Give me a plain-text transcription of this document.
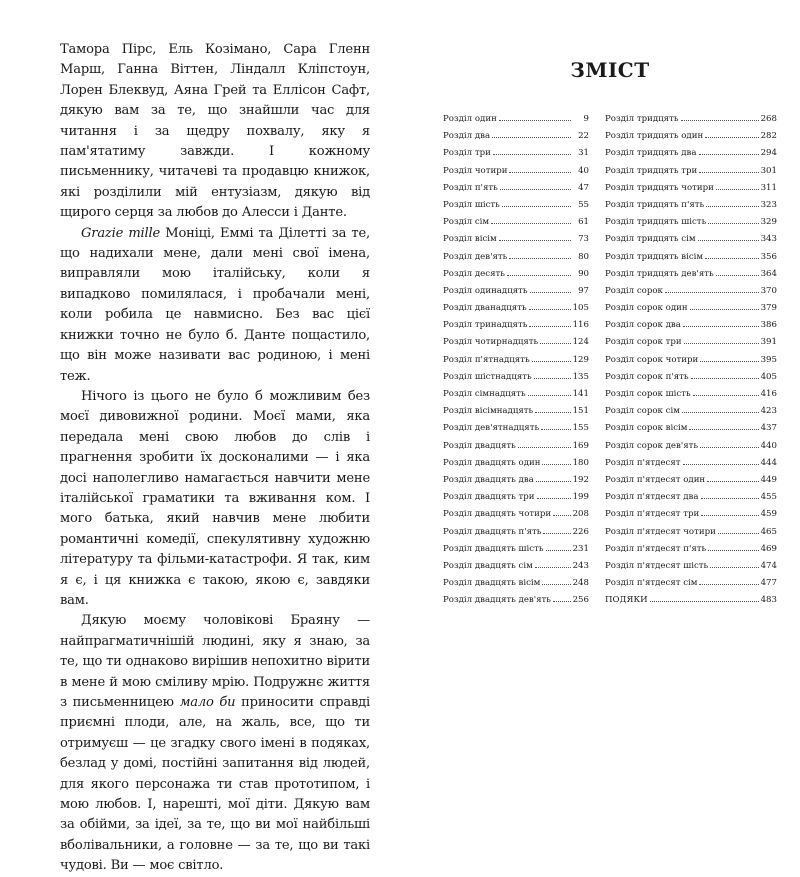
Тамора Пірс, Ель Козімано, Сара Гленн Марш, Ганна Віттен, Ліндалл Кліпстоун, Лорен Блеквуд, Аяна Грей та Еллісон Сафт, дякую вам за те, що знайшли час для читання і за щедру похвалу, яку я пам'ятатиму завжди. І кожному письменнику, читачеві та продавцю книжок, які розділили мій ентузіазм, дякую від щирого серця за любов до Алесси і Данте.

Grazie mille Моніці, Еммі та Ділетті за те, що надихали мене, дали мені свої імена, виправляли мою італійську, коли я випадково помилялася, і пробачали мені, коли робила це навмисно. Без вас цієї книжки точно не було б. Данте пощастило, що він може називати вас родиною, і мені теж.

Нічого із цього не було б можливим без моєї дивовижної родини. Моєї мами, яка передала мені свою любов до слів і прагнення зробити їх досконалими — і яка досі наполегливо намагається навчити мене італійської граматики та вживання ком. І мого батька, який навчив мене любити романтичні комедії, спекулятивну художню літературу та фільми-катастрофи. Я так, ким я є, і ця книжка є такою, якою є, завдяки вам.

Дякую моєму чоловікові Браяну — найпрагматичнішій людині, яку я знаю, за те, що ти однаково вирішив непохитно вірити в мене й мою сміливу мрію. Подружнє життя з письменницею мало би приносити справді приємні плоди, але, на жаль, все, що ти отримуєш — це згадку свого імені в подяках, безлад у домі, постійні запитання від людей, для якого персонажа ти став прототипом, і мою любов. І, нарешті, мої діти. Дякую вам за обійми, за ідеї, за те, що ви мої найбільші вболівальники, а головне — за те, що ви такі чудові. Ви — моє світло.

ЗМІСТ
Розділ один	9
Розділ два	22
Розділ три	31
Розділ чотири	40
Розділ п'ять	47
Розділ шість	55
Розділ сім	61
Розділ вісім	73
Розділ дев'ять	80
Розділ десять	90
Розділ одинадцять	97
Розділ дванадцять	105
Розділ тринадцять	116
Розділ чотирнадцять	124
Розділ п'ятнадцять	129
Розділ шістнадцять	135
Розділ сімнадцять	141
Розділ вісімнадцять	151
Розділ дев'ятнадцять	155
Розділ двадцять	169
Розділ двадцять один	180
Розділ двадцять два	192
Розділ двадцять три	199
Розділ двадцять чотири 208
Розділ двадцять п'ять	226
Розділ двадцять шість	231
Розділ двадцять сім	243
Розділ двадцять вісім	248
Розділ двадцять дев'ять	256
Розділ тридцять	268
Розділ тридцять один	282
Розділ тридцять два	294
Розділ тридцять три	301
Розділ тридцять чотири	311
Розділ тридцять п'ять	323
Розділ тридцять шість	329
Розділ тридцять сім	343
Розділ тридцять вісім	356
Розділ тридцять дев'ять	364
Розділ сорок	370
Розділ сорок один	379
Розділ сорок два	386
Розділ сорок три	391
Розділ сорок чотири	395
Розділ сорок п'ять	405
Розділ сорок шість	416
Розділ сорок сім	423
Розділ сорок вісім	437
Розділ сорок дев'ять	440
Розділ п'ятдесят	444
Розділ п'ятдесят один	449
Розділ п'ятдесят два	455
Розділ п'ятдесят три	459
Розділ п'ятдесят чотири	465
Розділ п'ятдесят п'ять	469
Розділ п'ятдесят шість	474
Розділ п'ятдесят сім	477
ПОДЯКИ	483
